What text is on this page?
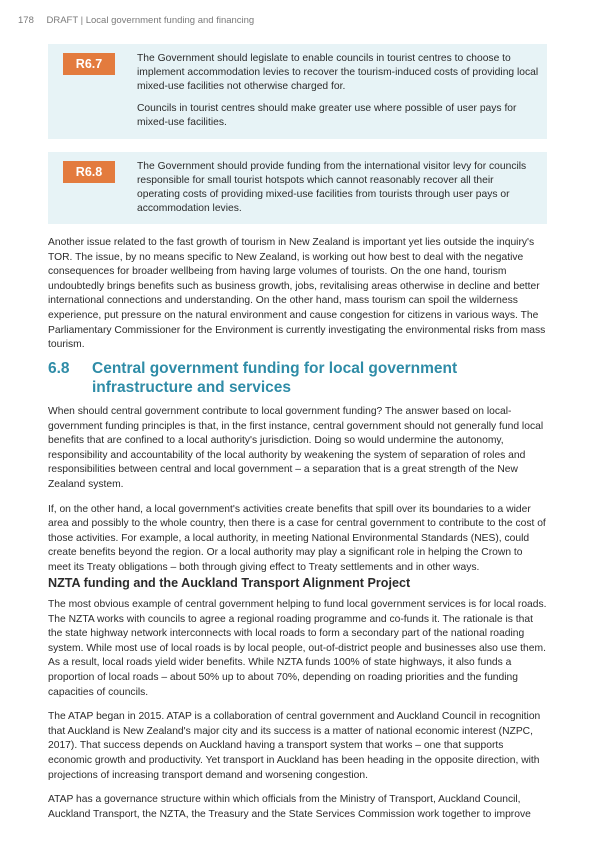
178 DRAFT | Local government funding and financing
R6.7	The Government should legislate to enable councils in tourist centres to choose to implement accommodation levies to recover the tourism-induced costs of providing local mixed-use facilities not otherwise charged for.

Councils in tourist centres should make greater use where possible of user pays for mixed-use facilities.

R6.8	The Government should provide funding from the international visitor levy for councils responsible for small tourist hotspots which cannot reasonably recover all their operating costs of providing mixed-use facilities from tourists through user pays or accommodation levies.

Another issue related to the fast growth of tourism in New Zealand is important yet lies outside the inquiry's TOR. The issue, by no means specific to New Zealand, is working out how best to deal with the negative consequences for broader wellbeing from having large volumes of tourists. On the one hand, tourism undoubtedly brings benefits such as business growth, jobs, revitalising areas otherwise in decline and better international connections and understanding. On the other hand, mass tourism can spoil the wilderness experience, put pressure on the natural environment and cause congestion for citizens in various ways. The Parliamentary Commissioner for the Environment is currently investigating the environmental risks from mass tourism.

6.8 Central government funding for local government infrastructure and services

When should central government contribute to local government funding? The answer based on local-government funding principles is that, in the first instance, central government should not generally fund local benefits that are confined to a local authority's jurisdiction. Doing so would undermine the autonomy, responsibility and accountability of the local authority by weakening the system of separation of roles and responsibilities between central and local government – a separation that is a great strength of the New Zealand system.

If, on the other hand, a local government's activities create benefits that spill over its boundaries to a wider area and possibly to the whole country, then there is a case for central government to contribute to the cost of those activities. For example, a local authority, in meeting National Environmental Standards (NES), could create benefits beyond the region. Or a local authority may play a significant role in helping the Crown to meet its Treaty obligations – both through giving effect to Treaty settlements and in other ways.

NZTA funding and the Auckland Transport Alignment Project

The most obvious example of central government helping to fund local government services is for local roads. The NZTA works with councils to agree a regional roading programme and co-funds it. The rationale is that the state highway network interconnects with local roads to form a secondary part of the national roading system. While most use of local roads is by local people, out-of-district people and businesses also use them. As a result, local roads yield wider benefits. While NZTA funds 100% of state highways, it also funds a proportion of local roads – about 50% up to about 70%, depending on roading priorities and the funding capacities of councils.

The ATAP began in 2015. ATAP is a collaboration of central government and Auckland Council in recognition that Auckland is New Zealand's major city and its success is a matter of national economic interest (NZPC, 2017). That success depends on Auckland having a transport system that works – one that supports economic growth and productivity. Yet transport in Auckland has been heading in the opposite direction, with projections of increasing transport demand and worsening congestion.

ATAP has a governance structure within which officials from the Ministry of Transport, Auckland Council, Auckland Transport, the NZTA, the Treasury and the State Services Commission work together to improve
